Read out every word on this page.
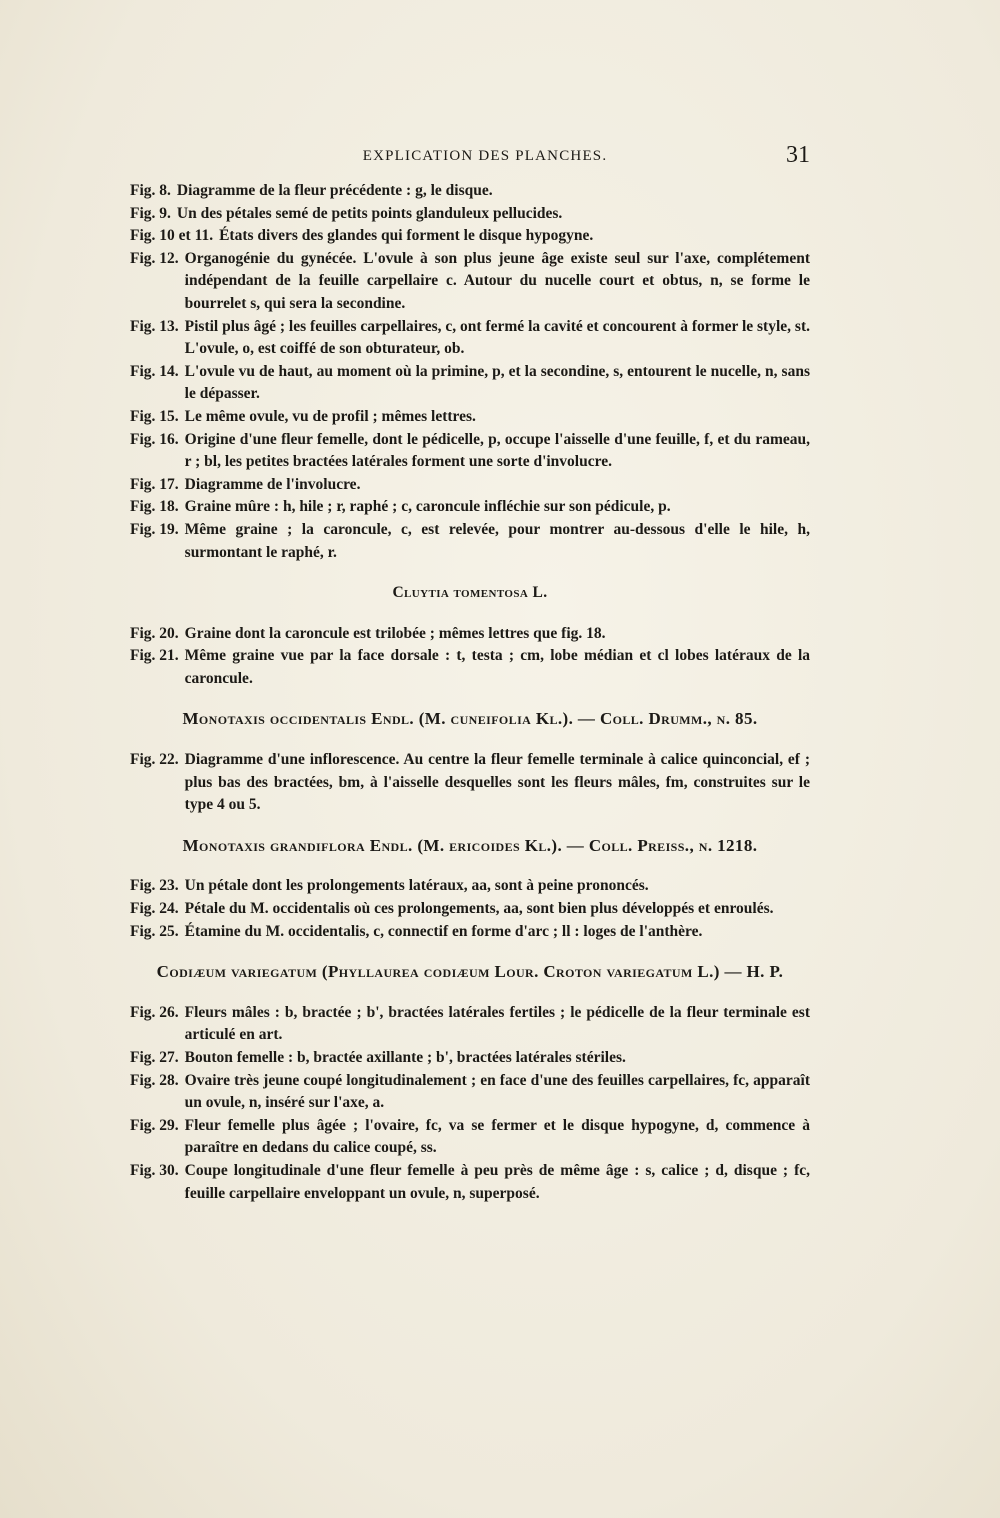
EXPLICATION DES PLANCHES.	31
Fig. 8. Diagramme de la fleur précédente : g, le disque.
Fig. 9. Un des pétales semé de petits points glanduleux pellucides.
Fig. 10 et 11. États divers des glandes qui forment le disque hypogyne.
Fig. 12. Organogénie du gynécée. L'ovule à son plus jeune âge existe seul sur l'axe, complétement indépendant de la feuille carpellaire c. Autour du nucelle court et obtus, n, se forme le bourrelet s, qui sera la secondine.
Fig. 13. Pistil plus âgé ; les feuilles carpellaires, c, ont fermé la cavité et concourent à former le style, st. L'ovule, o, est coiffé de son obturateur, ob.
Fig. 14. L'ovule vu de haut, au moment où la primine, p, et la secondine, s, entourent le nucelle, n, sans le dépasser.
Fig. 15. Le même ovule, vu de profil ; mêmes lettres.
Fig. 16. Origine d'une fleur femelle, dont le pédicelle, p, occupe l'aisselle d'une feuille, f, et du rameau, r ; bl, les petites bractées latérales forment une sorte d'involucre.
Fig. 17. Diagramme de l'involucre.
Fig. 18. Graine mûre : h, hile ; r, raphé ; c, caroncule infléchie sur son pédicule, p.
Fig. 19. Même graine ; la caroncule, c, est relevée, pour montrer au-dessous d'elle le hile, h, surmontant le raphé, r.
Cluytia tomentosa L.
Fig. 20. Graine dont la caroncule est trilobée ; mêmes lettres que fig. 18.
Fig. 21. Même graine vue par la face dorsale : t, testa ; cm, lobe médian et cl lobes latéraux de la caroncule.
Monotaxis occidentalis Endl. (M. cuneifolia Kl.). — Coll. Drumm., n. 85.
Fig. 22. Diagramme d'une inflorescence. Au centre la fleur femelle terminale à calice quinconcial, ef ; plus bas des bractées, bm, à l'aisselle desquelles sont les fleurs mâles, fm, construites sur le type 4 ou 5.
Monotaxis grandiflora Endl. (M. ericoides Kl.). — Coll. Preiss., n. 1218.
Fig. 23. Un pétale dont les prolongements latéraux, aa, sont à peine prononcés.
Fig. 24. Pétale du M. occidentalis où ces prolongements, aa, sont bien plus développés et enroulés.
Fig. 25. Étamine du M. occidentalis, c, connectif en forme d'arc ; ll : loges de l'anthère.
Codiæum variegatum (Phyllaurea codiæum Lour. Croton variegatum L.) — H. P.
Fig. 26. Fleurs mâles : b, bractée ; b', bractées latérales fertiles ; le pédicelle de la fleur terminale est articulé en art.
Fig. 27. Bouton femelle : b, bractée axillante ; b', bractées latérales stériles.
Fig. 28. Ovaire très jeune coupé longitudinalement ; en face d'une des feuilles carpellaires, fc, apparaît un ovule, n, inséré sur l'axe, a.
Fig. 29. Fleur femelle plus âgée ; l'ovaire, fc, va se fermer et le disque hypogyne, d, commence à paraître en dedans du calice coupé, ss.
Fig. 30. Coupe longitudinale d'une fleur femelle à peu près de même âge : s, calice ; d, disque ; fc, feuille carpellaire enveloppant un ovule, n, superposé.
